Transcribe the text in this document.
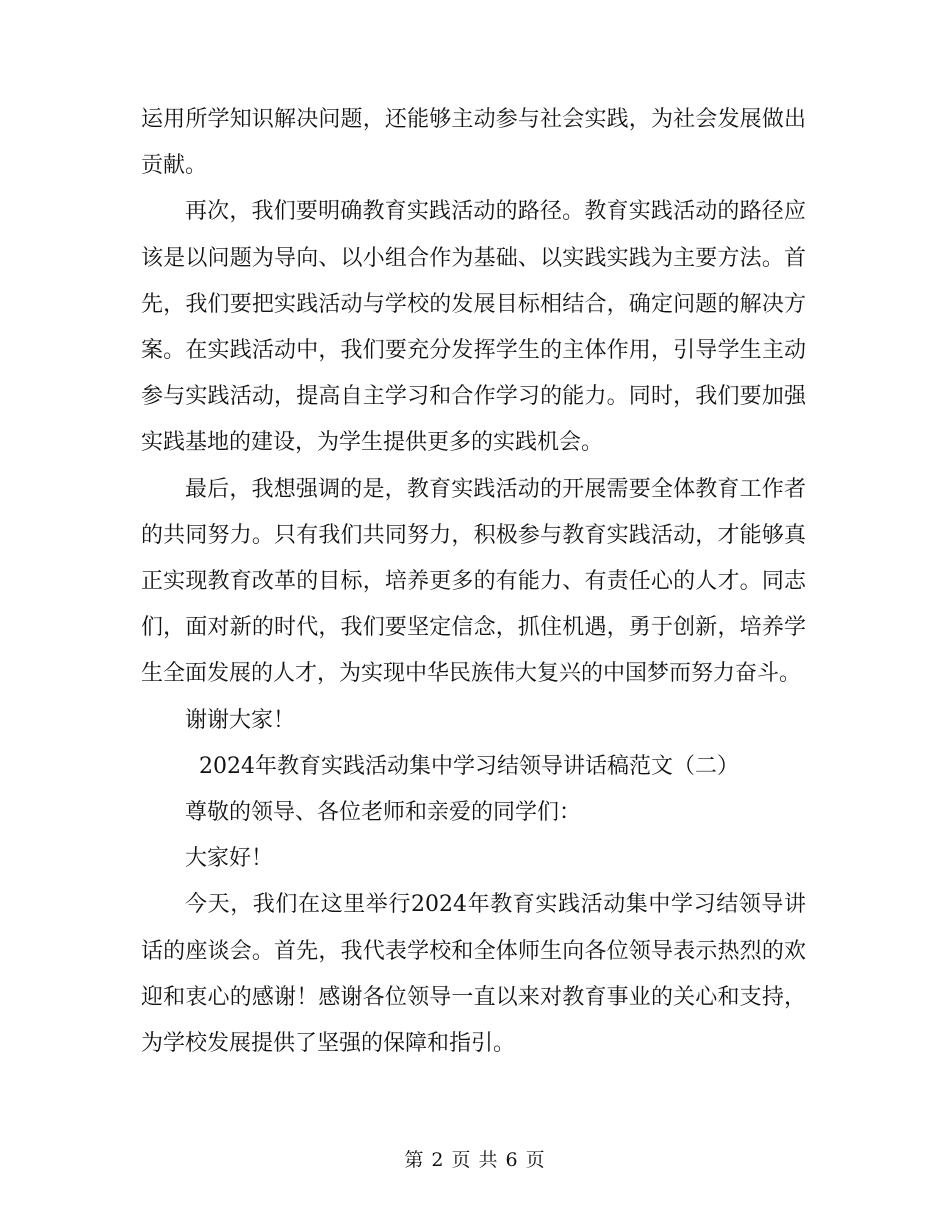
运用所学知识解决问题，还能够主动参与社会实践，为社会发展做出贡献。

再次，我们要明确教育实践活动的路径。教育实践活动的路径应该是以问题为导向、以小组合作为基础、以实践实践为主要方法。首先，我们要把实践活动与学校的发展目标相结合，确定问题的解决方案。在实践活动中，我们要充分发挥学生的主体作用，引导学生主动参与实践活动，提高自主学习和合作学习的能力。同时，我们要加强实践基地的建设，为学生提供更多的实践机会。

最后，我想强调的是，教育实践活动的开展需要全体教育工作者的共同努力。只有我们共同努力，积极参与教育实践活动，才能够真正实现教育改革的目标，培养更多的有能力、有责任心的人才。同志们，面对新的时代，我们要坚定信念，抓住机遇，勇于创新，培养学生全面发展的人才，为实现中华民族伟大复兴的中国梦而努力奋斗。

谢谢大家！

2024年教育实践活动集中学习结领导讲话稿范文（二）

尊敬的领导、各位老师和亲爱的同学们：

大家好！

今天，我们在这里举行2024年教育实践活动集中学习结领导讲话的座谈会。首先，我代表学校和全体师生向各位领导表示热烈的欢迎和衷心的感谢！感谢各位领导一直以来对教育事业的关心和支持，为学校发展提供了坚强的保障和指引。

第 2 页 共 6 页
